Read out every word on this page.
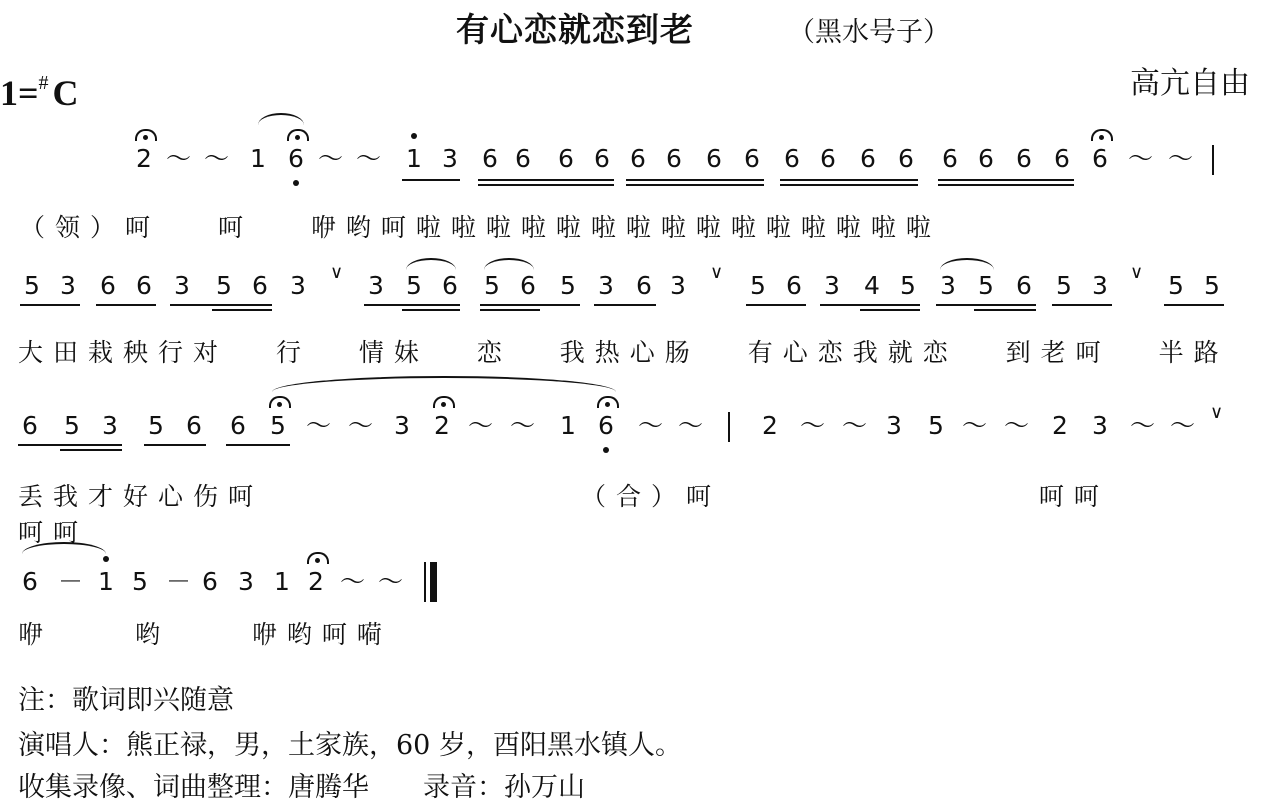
有心恋就恋到老	（黑水号子）
1=# C	高亢自由
2 ～ ～ 1 6 ～ ～ 1 3 6 6 6 6 6 6 6 6 6 6 6 6 6 6 6 6 6 ～ ～
（领）呵 呵 咿哟呵啦啦啦啦啦啦啦啦啦啦啦啦啦啦啦
5 3 6 6 3 5 6 3 ∨ 3 5 6 5 6 5 3 6 3 ∨ 5 6 3 4 5 3 5 6 5 3 ∨ 5 5
大田栽秧行对 行 情妹 恋 我热心肠 有心恋我就恋 到老呵 半路
6 5 3 5 6 6 5 ～ ～ 3 2 ～ ～ 1 6 ～ ～ 2 ～ ～ 3 5 ～ ～ 2 3 ～ ～ ∨
丢我才好心伤呵 （合）呵 呵呵 呵呵
6 － 1 5 － 6 3 1 2 ～ ～
咿 哟 咿哟呵嗬
注：歌词即兴随意
演唱人：熊正禄，男，土家族，60 岁，酉阳黑水镇人。
收集录像、词曲整理：唐腾华　　录音：孙万山
